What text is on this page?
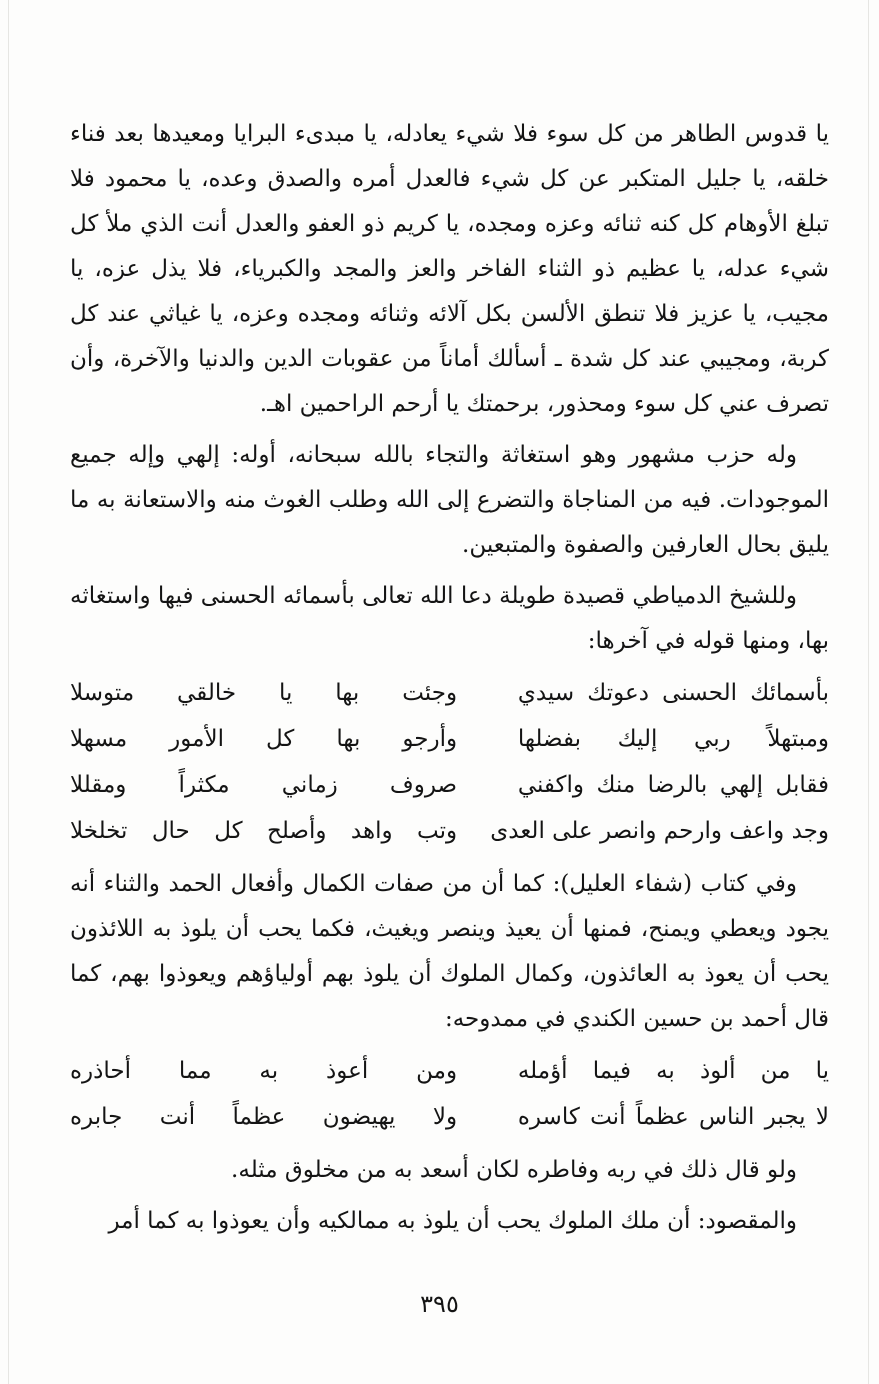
يا قدوس الطاهر من كل سوء فلا شيء يعادله، يا مبدىء البرايا ومعيدها بعد فناء خلقه، يا جليل المتكبر عن كل شيء فالعدل أمره والصدق وعده، يا محمود فلا تبلغ الأوهام كل كنه ثنائه وعزه ومجده، يا كريم ذو العفو والعدل أنت الذي ملأ كل شيء عدله، يا عظيم ذو الثناء الفاخر والعز والمجد والكبرياء، فلا يذل عزه، يا مجيب، يا عزيز فلا تنطق الألسن بكل آلائه وثنائه ومجده وعزه، يا غياثي عند كل كربة، ومجيبي عند كل شدة ـ أسألك أماناً من عقوبات الدين والدنيا والآخرة، وأن تصرف عني كل سوء ومحذور، برحمتك يا أرحم الراحمين اهـ.

وله حزب مشهور وهو استغاثة والتجاء بالله سبحانه، أوله: إلهي وإله جميع الموجودات. فيه من المناجاة والتضرع إلى الله وطلب الغوث منه والاستعانة به ما يليق بحال العارفين والصفوة والمتبعين.

وللشيخ الدمياطي قصيدة طويلة دعا الله تعالى بأسمائه الحسنى فيها واستغاثه بها، ومنها قوله في آخرها:

بأسمائك الحسنى دعوتك سيدي
وجئت بها يا خالقي متوسلا
ومبتهلاً ربي إليك بفضلها
وأرجو بها كل الأمور مسهلا
فقابل إلهي بالرضا منك واكفني
صروف زماني مكثراً ومقللا
وجد واعف وارحم وانصر على العدى
وتب واهد وأصلح كل حال تخلخلا

وفي كتاب (شفاء العليل): كما أن من صفات الكمال وأفعال الحمد والثناء أنه يجود ويعطي ويمنح، فمنها أن يعيذ وينصر ويغيث، فكما يحب أن يلوذ به اللائذون يحب أن يعوذ به العائذون، وكمال الملوك أن يلوذ بهم أولياؤهم ويعوذوا بهم، كما قال أحمد بن حسين الكندي في ممدوحه:

يا من ألوذ به فيما أؤمله
ومن أعوذ به مما أحاذره
لا يجبر الناس عظماً أنت كاسره
ولا يهيضون عظماً أنت جابره

ولو قال ذلك في ربه وفاطره لكان أسعد به من مخلوق مثله.

والمقصود: أن ملك الملوك يحب أن يلوذ به ممالكيه وأن يعوذوا به كما أمر

٣٩٥
